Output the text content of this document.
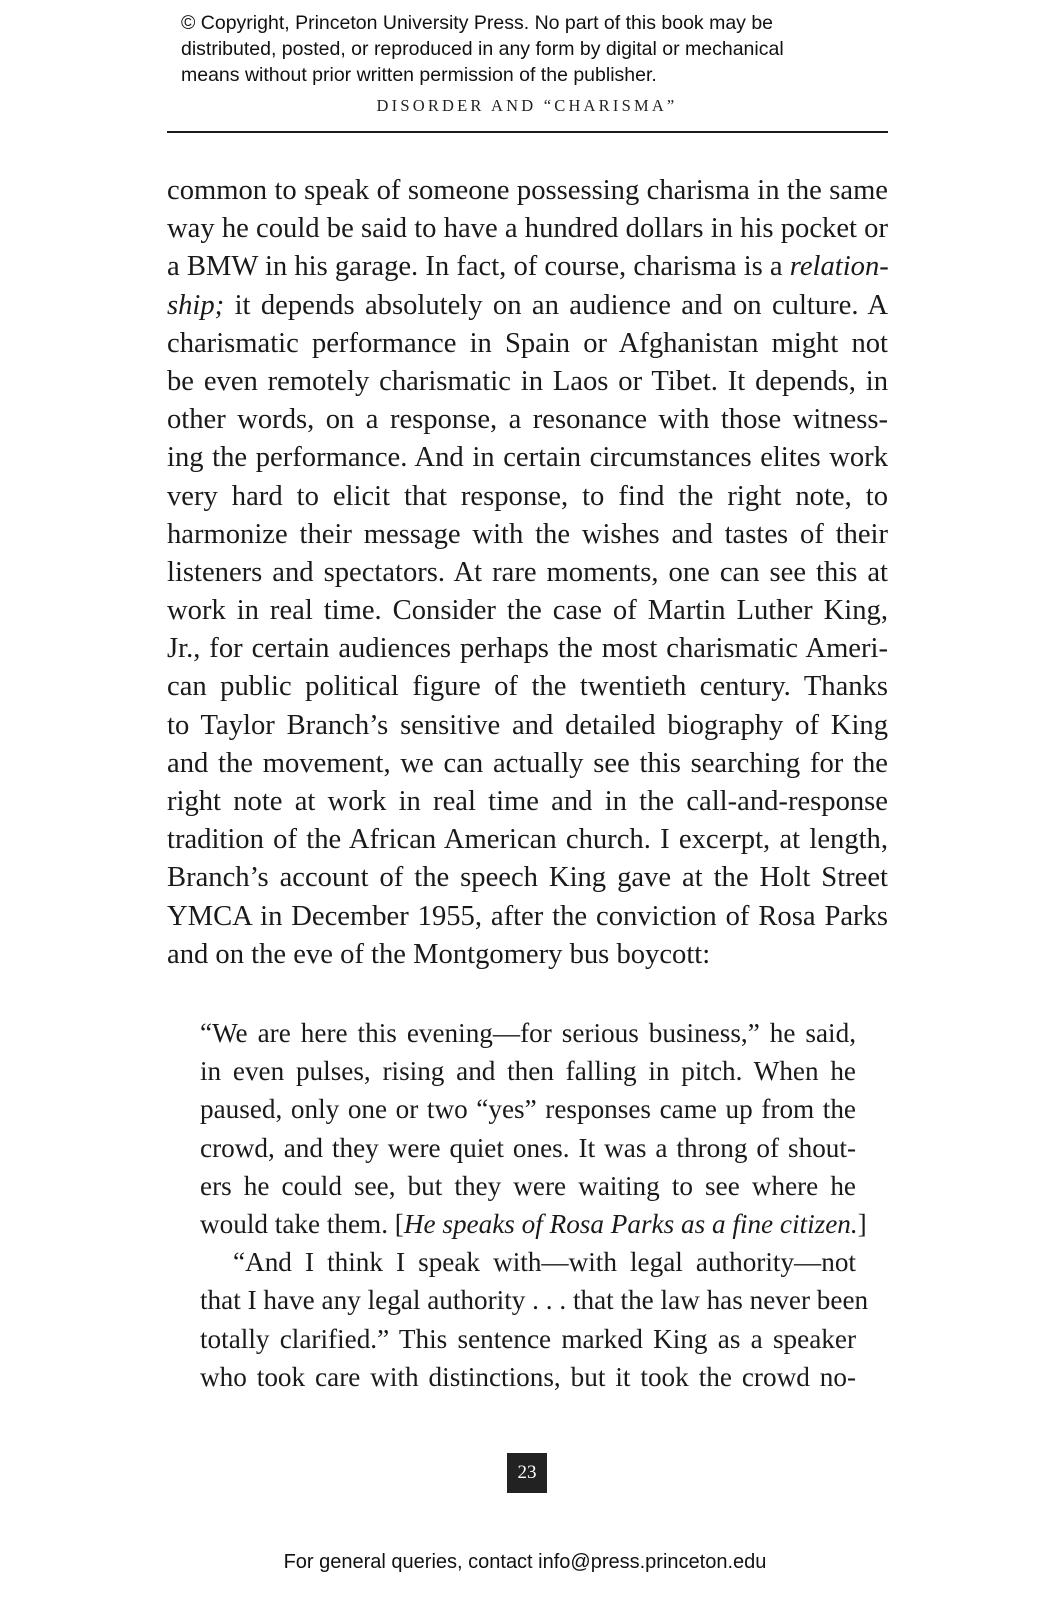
© Copyright, Princeton University Press. No part of this book may be
distributed, posted, or reproduced in any form by digital or mechanical
means without prior written permission of the publisher.
DISORDER AND “CHARISMA”
common to speak of someone possessing charisma in the same
way he could be said to have a hundred dollars in his pocket or
a BMW in his garage. In fact, of course, charisma is a relation-
ship; it depends absolutely on an audience and on culture. A
charismatic performance in Spain or Afghanistan might not
be even remotely charismatic in Laos or Tibet. It depends, in
other words, on a response, a resonance with those witness-
ing the performance. And in certain circumstances elites work
very hard to elicit that response, to find the right note, to
harmonize their message with the wishes and tastes of their
listeners and spectators. At rare moments, one can see this at
work in real time. Consider the case of Martin Luther King,
Jr., for certain audiences perhaps the most charismatic Ameri-
can public political figure of the twentieth century. Thanks
to Taylor Branch’s sensitive and detailed biography of King
and the movement, we can actually see this searching for the
right note at work in real time and in the call-and-response
tradition of the African American church. I excerpt, at length,
Branch’s account of the speech King gave at the Holt Street
YMCA in December 1955, after the conviction of Rosa Parks
and on the eve of the Montgomery bus boycott:
“We are here this evening—for serious business,” he said,
in even pulses, rising and then falling in pitch. When he
paused, only one or two “yes” responses came up from the
crowd, and they were quiet ones. It was a throng of shout-
ers he could see, but they were waiting to see where he
would take them. [He speaks of Rosa Parks as a fine citizen.]
“And I think I speak with—with legal authority—not
that I have any legal authority . . . that the law has never been
totally clarified.” This sentence marked King as a speaker
who took care with distinctions, but it took the crowd no-
23
For general queries, contact info@press.princeton.edu
